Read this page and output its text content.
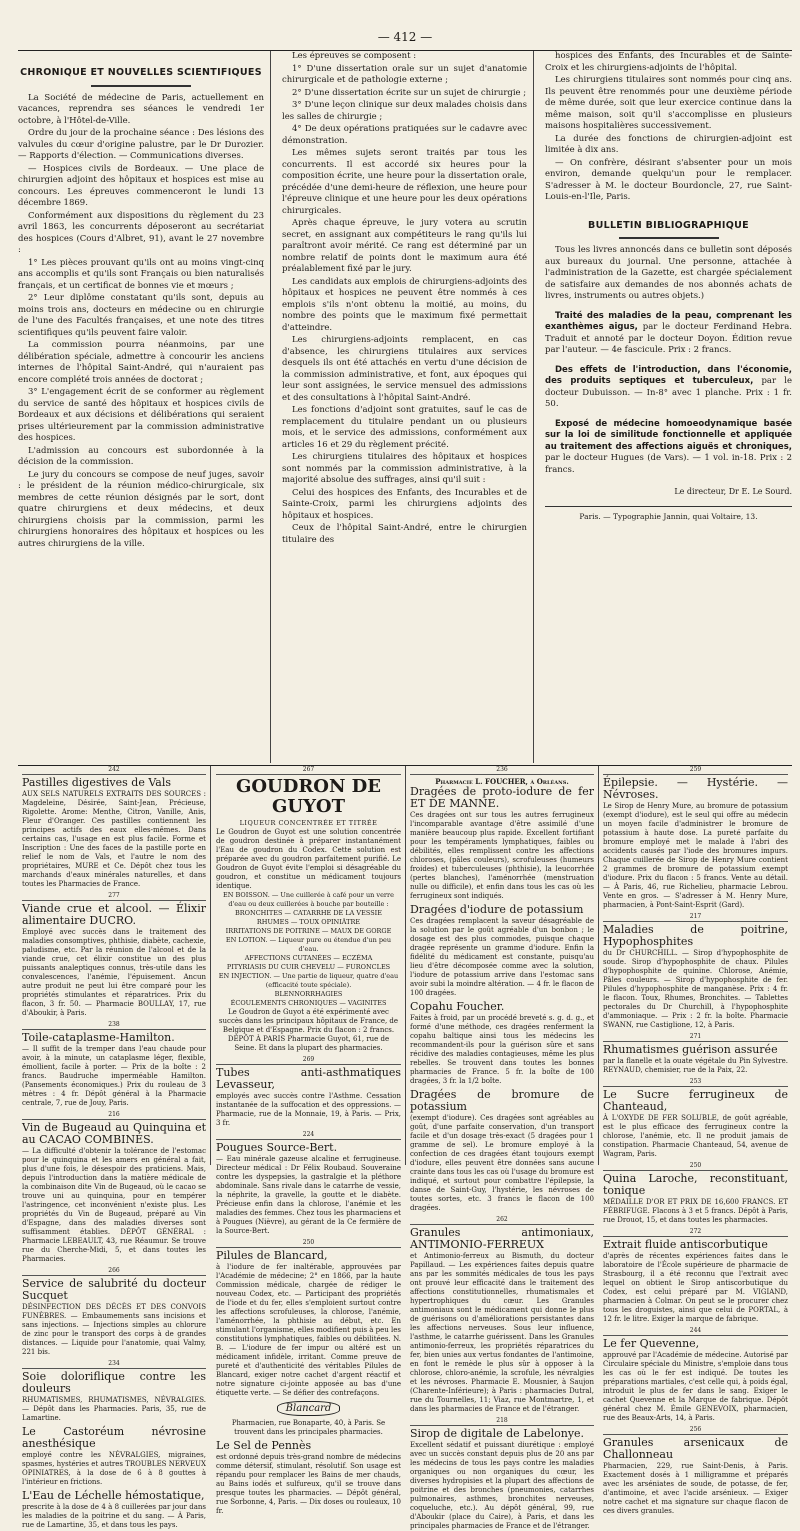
— 412 —
CHRONIQUE ET NOUVELLES SCIENTIFIQUES

La Société de médecine de Paris, actuellement en vacances, reprendra ses séances le vendredi 1er octobre, à l'Hôtel-de-Ville.

Ordre du jour de la prochaine séance : Des lésions des valvules du cœur d'origine palustre, par le Dr Durozier. — Rapports d'élection. — Communications diverses.

— Hospices civils de Bordeaux. — Une place de chirurgien adjoint des hôpitaux et hospices est mise au concours. Les épreuves commenceront le lundi 13 décembre 1869.

Conformément aux dispositions du règlement du 23 avril 1863, les concurrents déposeront au secrétariat des hospices (Cours d'Albret, 91), avant le 27 novembre :

1° Les pièces prouvant qu'ils ont au moins vingt-cinq ans accomplis et qu'ils sont Français ou bien naturalisés français, et un certificat de bonnes vie et mœurs ;

2° Leur diplôme constatant qu'ils sont, depuis au moins trois ans, docteurs en médecine ou en chirurgie de l'une des Facultés françaises, et une note des titres scientifiques qu'ils peuvent faire valoir.

La commission pourra néanmoins, par une délibération spéciale, admettre à concourir les anciens internes de l'hôpital Saint-André, qui n'auraient pas encore complété trois années de doctorat ;

3° L'engagement écrit de se conformer au règlement du service de santé des hôpitaux et hospices civils de Bordeaux et aux décisions et délibérations qui seraient prises ultérieurement par la commission administrative des hospices.

L'admission au concours est subordonnée à la décision de la commission.

Le jury du concours se compose de neuf juges, savoir : le président de la réunion médico-chirurgicale, six membres de cette réunion désignés par le sort, dont quatre chirurgiens et deux médecins, et deux chirurgiens choisis par la commission, parmi les chirurgiens honoraires des hôpitaux et hospices ou les autres chirurgiens de la ville.

Les épreuves se composent :

1° D'une dissertation orale sur un sujet d'anatomie chirurgicale et de pathologie externe ;

2° D'une dissertation écrite sur un sujet de chirurgie ;

3° D'une leçon clinique sur deux malades choisis dans les salles de chirurgie ;

4° De deux opérations pratiquées sur le cadavre avec démonstration.

Les mêmes sujets seront traités par tous les concurrents. Il est accordé six heures pour la composition écrite, une heure pour la dissertation orale, précédée d'une demi-heure de réflexion, une heure pour l'épreuve clinique et une heure pour les deux opérations chirurgicales.

Après chaque épreuve, le jury votera au scrutin secret, en assignant aux compétiteurs le rang qu'ils lui paraîtront avoir mérité. Ce rang est déterminé par un nombre relatif de points dont le maximum aura été préalablement fixé par le jury.

Les candidats aux emplois de chirurgiens-adjoints des hôpitaux et hospices ne peuvent être nommés à ces emplois s'ils n'ont obtenu la moitié, au moins, du nombre des points que le maximum fixé permettait d'atteindre.

Les chirurgiens-adjoints remplacent, en cas d'absence, les chirurgiens titulaires aux services desquels ils ont été attachés en vertu d'une décision de la commission administrative, et font, aux époques qui leur sont assignées, le service mensuel des admissions et des consultations à l'hôpital Saint-André.

Les fonctions d'adjoint sont gratuites, sauf le cas de remplacement du titulaire pendant un ou plusieurs mois, et le service des admissions, conformément aux articles 16 et 29 du règlement précité.

Les chirurgiens titulaires des hôpitaux et hospices sont nommés par la commission administrative, à la majorité absolue des suffrages, ainsi qu'il suit :

Celui des hospices des Enfants, des Incurables et de Sainte-Croix, parmi les chirurgiens adjoints des hôpitaux et hospices.

Ceux de l'hôpital Saint-André, entre le chirurgien titulaire des

hospices des Enfants, des Incurables et de Sainte-Croix et les chirurgiens-adjoints de l'hôpital.

Les chirurgiens titulaires sont nommés pour cinq ans. Ils peuvent être renommés pour une deuxième période de même durée, soit que leur exercice continue dans la même maison, soit qu'il s'accomplisse en plusieurs maisons hospitalières successivement.

La durée des fonctions de chirurgien-adjoint est limitée à dix ans.

— On confrère, désirant s'absenter pour un mois environ, demande quelqu'un pour le remplacer. S'adresser à M. le docteur Bourdoncle, 27, rue Saint-Louis-en-l'Ile, Paris.

BULLETIN BIBLIOGRAPHIQUE

Tous les livres annoncés dans ce bulletin sont déposés aux bureaux du journal. Une personne, attachée à l'administration de la Gazette, est chargée spécialement de satisfaire aux demandes de nos abonnés achats de livres, instruments ou autres objets.)

Traité des maladies de la peau, comprenant les exanthèmes aigus, par le docteur Ferdinand Hebra. Traduit et annoté par le docteur Doyon. Édition revue par l'auteur. — 4e fascicule. Prix : 2 francs.

Des effets de l'introduction, dans l'économie, des produits septiques et tuberculeux, par le docteur Dubuisson. — In-8° avec 1 planche. Prix : 1 fr. 50.

Exposé de médecine homoeodynamique basée sur la loi de similitude fonctionnelle et appliquée au traitement des affections aiguës et chroniques, par le docteur Hugues (de Vars). — 1 vol. in-18. Prix : 2 francs.

Le directeur, Dr E. Le Sourd.
Paris. — Typographie Jannin, quai Voltaire, 13.
242
Pastilles digestives de Vals
AUX SELS NATURELS EXTRAITS DES SOURCES : Magdeleine, Désirée, Saint-Jean, Précieuse, Rigolette. Arome: Menthe, Citron, Vanille, Anis, Fleur d'Oranger. Ces pastilles contiennent les principes actifs des eaux elles-mêmes. Dans certains cas, l'usage en est plus facile. Forme et Inscription : Une des faces de la pastille porte en relief le nom de Vals, et l'autre le nom des propriétaires, MURE et Ce. Dépôt chez tous les marchands d'eaux minérales naturelles, et dans toutes les Pharmacies de France.
277
Viande crue et alcool. — Élixir alimentaire DUCRO.
Employé avec succès dans le traitement des maladies consomptives, phthisie, diabète, cachexie, paludisme, etc. Par la réunion de l'alcool et de la viande crue, cet élixir constitue un des plus puissants analeptiques connus, très-utile dans les convalescences, l'anémie, l'épuisement. Ancun autre produit ne peut lui être comparé pour les propriétés stimulantes et réparatrices. Prix du flacon, 3 fr. 50. — Pharmacie BOULLAY, 17, rue d'Aboukir, à Paris.
238
Toile-cataplasme-Hamilton.
— Il suffit de la tremper dans l'eau chaude pour avoir, à la minute, un cataplasme léger, flexible, émollient, facile à porter. — Prix de la boîte : 2 francs. Baudruche imperméable Hamilton. (Pansements économiques.) Prix du rouleau de 3 mètres : 4 fr. Dépôt général à la Pharmacie centrale, 7, rue de Jouy, Paris.
216
Vin de Bugeaud au Quinquina et au CACAO COMBINÉS.
— La difficulté d'obtenir la tolérance de l'estomac pour le quinquina et les amers en général a fait, plus d'une fois, le désespoir des praticiens. Mais, depuis l'introduction dans la matière médicale de la combinaison dite Vin de Bugeaud, où le cacao se trouve uni au quinquina, pour en tempérer l'astringence, cet inconvénient n'existe plus. Les propriétés du Vin de Bugeaud, préparé au Vin d'Espagne, dans des maladies diverses sont suffisamment établies. DÉPÔT GÉNÉRAL : Pharmacie LEBEAULT, 43, rue Réaumur. Se trouve rue du Cherche-Midi, 5, et dans toutes les Pharmacies.
266
Service de salubrité du docteur Sucquet
DÉSINFECTION DES DÉCÈS ET DES CONVOIS FUNÈBRES. — Embaumements sans incisions et sans injections. — Injections simples au chlorure de zinc pour le transport des corps à de grandes distances. — Liquide pour l'anatomie, quai Valmy, 221 bis.
234
Soie doloriflique contre les douleurs
RHUMATISMES, RHUMATISMES, NÉVRALGIES. — Dépôt dans les Pharmacies. Paris, 35, rue de Lamartine.
Le Castoréum névrosine anesthésique
employé contre les NÉVRALGIES, migraines, spasmes, hystéries et autres TROUBLES NERVEUX OPINIATRES, à la dose de 6 à 8 gouttes à l'intérieur en frictions.
L'Eau de Léchelle hémostatique,
prescrite à la dose de 4 à 8 cuillerées par jour dans les maladies de la poitrine et du sang. — À Paris, rue de Lamartine, 35, et dans tous les pays.
267
GOUDRON DE GUYOT
LIQUEUR CONCENTRÉE ET TITRÉE
Le Goudron de Guyot est une solution concentrée de goudron destinée à préparer instantanément l'Eau de goudron du Codex. Cette solution est préparée avec du goudron parfaitement purifié. Le Goudron de Guyot évite l'emploi si désagréable du goudron, et constitue un médicament toujours identique.
EN BOISSON. — Une cuillerée à café pour un verre d'eau ou deux cuillerées à bouche par bouteille :
BRONCHITES — CATARRHE DE LA VESSIE
RHUMES — TOUX OPINIÂTRE
IRRITATIONS DE POITRINE — MAUX DE GORGE
EN LOTION. — Liqueur pure ou étendue d'un peu d'eau.
AFFECTIONS CUTANÉES — ECZÉMA
PITYRIASIS DU CUIR CHEVELU — FURONCLES
EN INJECTION. — Une partie de liqueur, quatre d'eau (efficacité toute spéciale).
BLENNORRHAGIES
ÉCOULEMENTS CHRONIQUES — VAGINITES
Le Goudron de Guyot a été expérimenté avec succès dans les principaux hôpitaux de France, de Belgique et d'Espagne. Prix du flacon : 2 francs. DÉPÔT À PARIS Pharmacie Guyot, 61, rue de Seine. Et dans la plupart des pharmacies.
269
Tubes anti-asthmatiques Levasseur,
employés avec succès contre l'Asthme. Cessation instantanée de la suffocation et des oppressions. — Pharmacie, rue de la Monnaie, 19, à Paris. — Prix, 3 fr.
224
Pougues Source-Bert.
— Eau minérale gazeuse alcaline et ferrugineuse. Directeur médical : Dr Félix Roubaud. Souveraine contre les dyspepsies, la gastralgie et la pléthore abdominale. Sans rivale dans le catarrhe de vessie, la néphrite, la gravelle, la goutte et le diabète. Précieuse enfin dans la chlorose, l'anémie et les maladies des femmes. Chez tous les pharmaciens et à Pougues (Nièvre), au gérant de la Ce fermière de la Source-Bert.
250
Pilules de Blancard,
à l'iodure de fer inaltérable, approuvées par l'Académie de médecine; 2° en 1866, par la haute Commission médicale, chargée de rédiger le nouveau Codex, etc. — Participant des propriétés de l'iode et du fer, elles s'emploient surtout contre les affections scrofuleuses, la chlorose, l'anémie, l'aménorrhée, la phthisie au début, etc. En stimulant l'organisme, elles modifient puis à peu les constitutions lymphatiques, faibles ou débilitées. N. B. — L'iodure de fer impur ou altéré est un médicament infidèle, irritant. Comme preuve de pureté et d'authenticité des véritables Pilules de Blancard, exiger notre cachet d'argent réactif et notre signature ci-jointe apposée au bas d'une étiquette verte. — Se défier des contrefaçons.
Blancard
Pharmacien, rue Bonaparte, 40, à Paris. Se trouvent dans les principales pharmacies.
Le Sel de Pennès
est ordonné depuis très-grand nombre de médecins comme détersif, stimulant, résolutif. Son usage est répandu pour remplacer les Bains de mer chauds, au Bains iodés et sulfureux, qu'il se trouve dans presque toutes les pharmacies. — Dépôt général, rue Sorbonne, 4, Paris. — Dix doses ou rouleaux, 10 fr.
236
Pharmacie L. FOUCHER, à Orléans.
Dragées de proto-iodure de fer ET DE MANNE.
Ces dragées ont sur tous les autres ferrugineux l'incomparable avantage d'être assimilé d'une manière beaucoup plus rapide. Excellent fortifiant pour les tempéraments lymphatiques, faibles ou débilités, elles remplissent contre les affections chloroses, (pâles couleurs), scrofuleuses (humeurs froides) et tuberculeuses (phthisie), la leucorrhée (pertes blanches), l'aménorrhée (menstruation nulle ou difficile), et enfin dans tous les cas où les ferrugineux sont indiqués.
Dragées d'iodure de potassium
Ces dragées remplacent la saveur désagréable de la solution par le goût agréable d'un bonbon ; le dosage est des plus commodes, puisque chaque dragée représente un gramme d'iodure. Enfin la fidélité du médicament est constante, puisqu'au lieu d'être décomposée comme avec la solution, l'iodure de potassium arrive dans l'estomac sans avoir subi la moindre altération. — 4 fr. le flacon de 100 dragées.
Copahu Foucher.
Faites à froid, par un procédé breveté s. g. d. g., et formé d'une méthode, ces dragées renferment la copahu baltique ainsi tous les médecins les recommandent-ils pour la guérison sûre et sans récidive des maladies contagieuses, même les plus rebelles. Se trouvent dans toutes les bonnes pharmacies de France. 5 fr. la boîte de 100 dragées, 3 fr. la 1/2 boîte.
Dragées de bromure de potassium
(exempt d'iodure). Ces dragées sont agréables au goût, d'une parfaite conservation, d'un transport facile et d'un dosage très-exact (5 dragées pour 1 gramme de sel). Le bromure employé à la confection de ces dragées étant toujours exempt d'iodure, elles peuvent être données sans aucune crainte dans tous les cas où l'usage du bromure est indiqué, et surtout pour combattre l'épilepsie, la danse de Saint-Guy, l'hystérie, les névroses de toutes sortes, etc. 3 francs le flacon de 100 dragées.
262
Granules antimoniaux, ANTIMONIO-FERREUX
et Antimonio-ferreux au Bismuth, du docteur Papillaud. — Les expériences faites depuis quatre ans par les sommités médicales de tous les pays ont prouvé leur efficacité dans le traitement des affections constitutionnelles, rhumatismales et hypertrophiques du cœur. Les Granules antimoniaux sont le médicament qui donne le plus de guérisons ou d'améliorations persistantes dans les affections nerveuses. Sous leur influence, l'asthme, le catarrhe guérissent. Dans les Granules antimonio-ferreux, les propriétés réparatrices du fer, bien unies aux vertus fondantes de l'antimoine, en font le remède le plus sûr à opposer à la chlorose, chloro-anémie, la scrofule, les névralgies et les névroses. Pharmacie E. Mousnier, à Saujon (Charente-Inférieure); à Paris : pharmacies Dutral, rue du Tournelles, 11; Viaz, rue Montmartre, 1, et dans les pharmacies de France et de l'étranger.
218
Sirop de digitale de Labelonye.
Excellent sédatif et puissant diurétique : employé avec un succès constant depuis plus de 20 ans par les médecins de tous les pays contre les maladies organiques ou non organiques du cœur, les diverses hydropisies et la plupart des affections de poitrine et des bronches (pneumonies, catarrhes pulmonaires, asthmes, bronchites nerveuses, coqueluche, etc.). Au dépôt général, 99, rue d'Aboukir (place du Caire), à Paris, et dans les principales pharmacies de France et de l'étranger.
259
Épilepsie. — Hystérie. — Névroses.
Le Sirop de Henry Mure, au bromure de potassium (exempt d'iodure), est le seul qui offre au médecin un moyen facile d'administrer le bromure de potassium à haute dose. La pureté parfaite du bromure employé met le malade à l'abri des accidents causés par l'iode des bromures impurs. Chaque cuillerée de Sirop de Henry Mure contient 2 grammes de bromure de potassium exempt d'iodure. Prix du flacon : 5 francs. Vente au détail. — À Paris, 46, rue Richelieu, pharmacie Lebrou. Vente en gros. — S'adresser à M. Henry Mure, pharmacien, à Pont-Saint-Esprit (Gard).
217
Maladies de poitrine, Hypophosphites
du Dr CHURCHILL. — Sirop d'hypophosphite de soude. Sirop d'hypophosphite de chaux. Pilules d'hypophosphite de quinine. Chlorose, Anémie, Pâles couleurs. — Sirop d'hypophosphite de fer. Pilules d'hypophosphite de manganèse. Prix : 4 fr. le flacon. Toux, Rhumes, Bronchites. — Tablettes pectorales du Dr Churchill, à l'hypophosphite d'ammoniaque. — Prix : 2 fr. la boîte. Pharmacie SWANN, rue Castiglione, 12, à Paris.
271
Rhumatismes guérison assurée
par la flanelle et la ouate végétale du Pin Sylvestre. REYNAUD, chemisier, rue de la Paix, 22.
253
Le Sucre ferrugineux de Chanteaud,
À L'OXYDE DE FER SOLUBLE, de goût agréable, est le plus efficace des ferrugineux contre la chlorose, l'anémie, etc. Il ne produit jamais de constipation. Pharmacie Chanteaud, 54, avenue de Wagram, Paris.
250
Quina Laroche, reconstituant, tonique
MÉDAILLE D'OR ET PRIX DE 16,600 FRANCS. ET FÉBRIFUGE. Flacons à 3 et 5 francs. Dépôt à Paris, rue Drouot, 15, et dans toutes les pharmacies.
272
Extrait fluide antiscorbutique
d'après de récentes expériences faites dans le laboratoire de l'École supérieure de pharmacie de Strasbourg, il a été reconnu que l'extrait avec lequel on obtient le Sirop antiscorbutique du Codex, est celui préparé par M. VIGIAND, pharmacien à Colmar. On peut se le procurer chez tous les droguistes, ainsi que celui de PORTAL, à 12 fr. le litre. Exiger la marque de fabrique.
244
Le fer Quevenne,
approuvé par l'Académie de médecine. Autorisé par Circulaire spéciale du Ministre, s'emploie dans tous les cas où le fer est indiqué. De toutes les préparations martiales, c'est celle qui, à poids égal, introduit le plus de fer dans le sang. Exiger le cachet Quevenne et la Marque de fabrique. Dépôt général chez M. Émile GENEVOIX, pharmacien, rue des Beaux-Arts, 14, à Paris.
256
Granules arsenicaux de Challonneau
Pharmacien, 229, rue Saint-Denis, à Paris. Exactement dosés à 1 milligramme et préparés avec les arséniates de soude, de potasse, de fer, d'antimoine, et avec l'acide arsénieux. — Exiger notre cachet et ma signature sur chaque flacon de ces divers granules.
